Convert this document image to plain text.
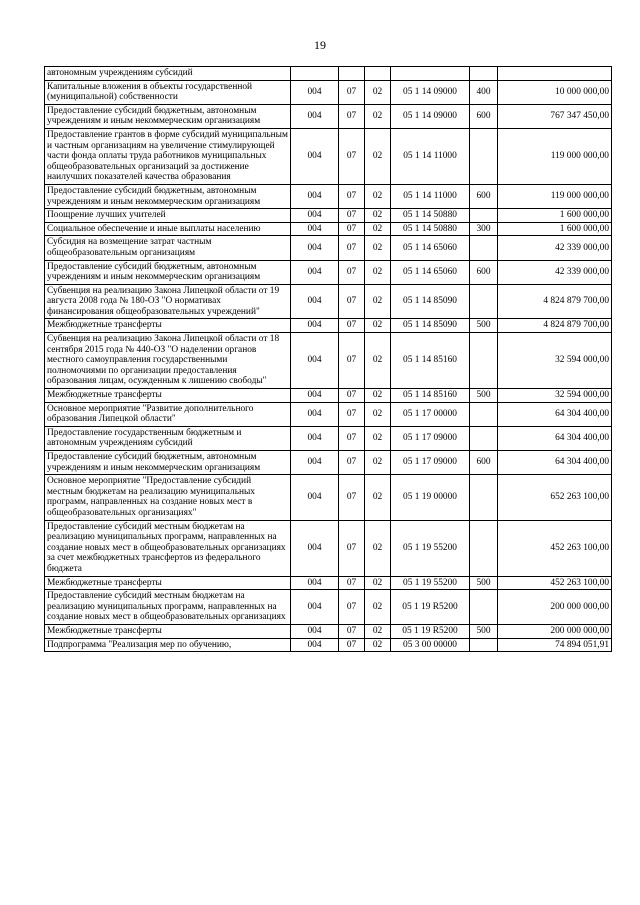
19
автономным учреждениям субсидий						
Капитальные вложения в объекты государственной (муниципальной) собственности	004	07	02	05 1 14 09000	400	10 000 000,00
Предоставление субсидий бюджетным, автономным учреждениям и иным некоммерческим организациям	004	07	02	05 1 14 09000	600	767 347 450,00
Предоставление грантов в форме субсидий муниципальным и частным организациям на увеличение стимулирующей части фонда оплаты труда работников муниципальных общеобразовательных организаций за достижение наилучших показателей качества образования	004	07	02	05 1 14 11000		119 000 000,00
Предоставление субсидий бюджетным, автономным учреждениям и иным некоммерческим организациям	004	07	02	05 1 14 11000	600	119 000 000,00
Поощрение лучших учителей	004	07	02	05 1 14 50880		1 600 000,00
Социальное обеспечение и иные выплаты населению	004	07	02	05 1 14 50880	300	1 600 000,00
Субсидия на возмещение затрат частным общеобразовательным организациям	004	07	02	05 1 14 65060		42 339 000,00
Предоставление субсидий бюджетным, автономным учреждениям и иным некоммерческим организациям	004	07	02	05 1 14 65060	600	42 339 000,00
Субвенция на реализацию Закона Липецкой области от 19 августа 2008 года № 180-ОЗ "О нормативах финансирования общеобразовательных учреждений"	004	07	02	05 1 14 85090		4 824 879 700,00
Межбюджетные трансферты	004	07	02	05 1 14 85090	500	4 824 879 700,00
Субвенция на реализацию Закона Липецкой области от 18 сентября 2015 года № 440-ОЗ "О наделении органов местного самоуправления государственными полномочиями по организации предоставления образования лицам, осужденным к лишению свободы"	004	07	02	05 1 14 85160		32 594 000,00
Межбюджетные трансферты	004	07	02	05 1 14 85160	500	32 594 000,00
Основное мероприятие "Развитие дополнительного образования Липецкой области"	004	07	02	05 1 17 00000		64 304 400,00
Предоставление государственным бюджетным и автономным учреждениям субсидий	004	07	02	05 1 17 09000		64 304 400,00
Предоставление субсидий бюджетным, автономным учреждениям и иным некоммерческим организациям	004	07	02	05 1 17 09000	600	64 304 400,00
Основное мероприятие "Предоставление субсидий местным бюджетам на реализацию муниципальных программ, направленных на создание новых мест в общеобразовательных организациях"	004	07	02	05 1 19 00000		652 263 100,00
Предоставление субсидий местным бюджетам на реализацию муниципальных программ, направленных на создание новых мест в общеобразовательных организациях за счет межбюджетных трансфертов из федерального бюджета	004	07	02	05 1 19 55200		452 263 100,00
Межбюджетные трансферты	004	07	02	05 1 19 55200	500	452 263 100,00
Предоставление субсидий местным бюджетам на реализацию муниципальных программ, направленных на создание новых мест в общеобразовательных организациях	004	07	02	05 1 19 R5200		200 000 000,00
Межбюджетные трансферты	004	07	02	05 1 19 R5200	500	200 000 000,00
Подпрограмма "Реализация мер по обучению,	004	07	02	05 3 00 00000		74 894 051,91
